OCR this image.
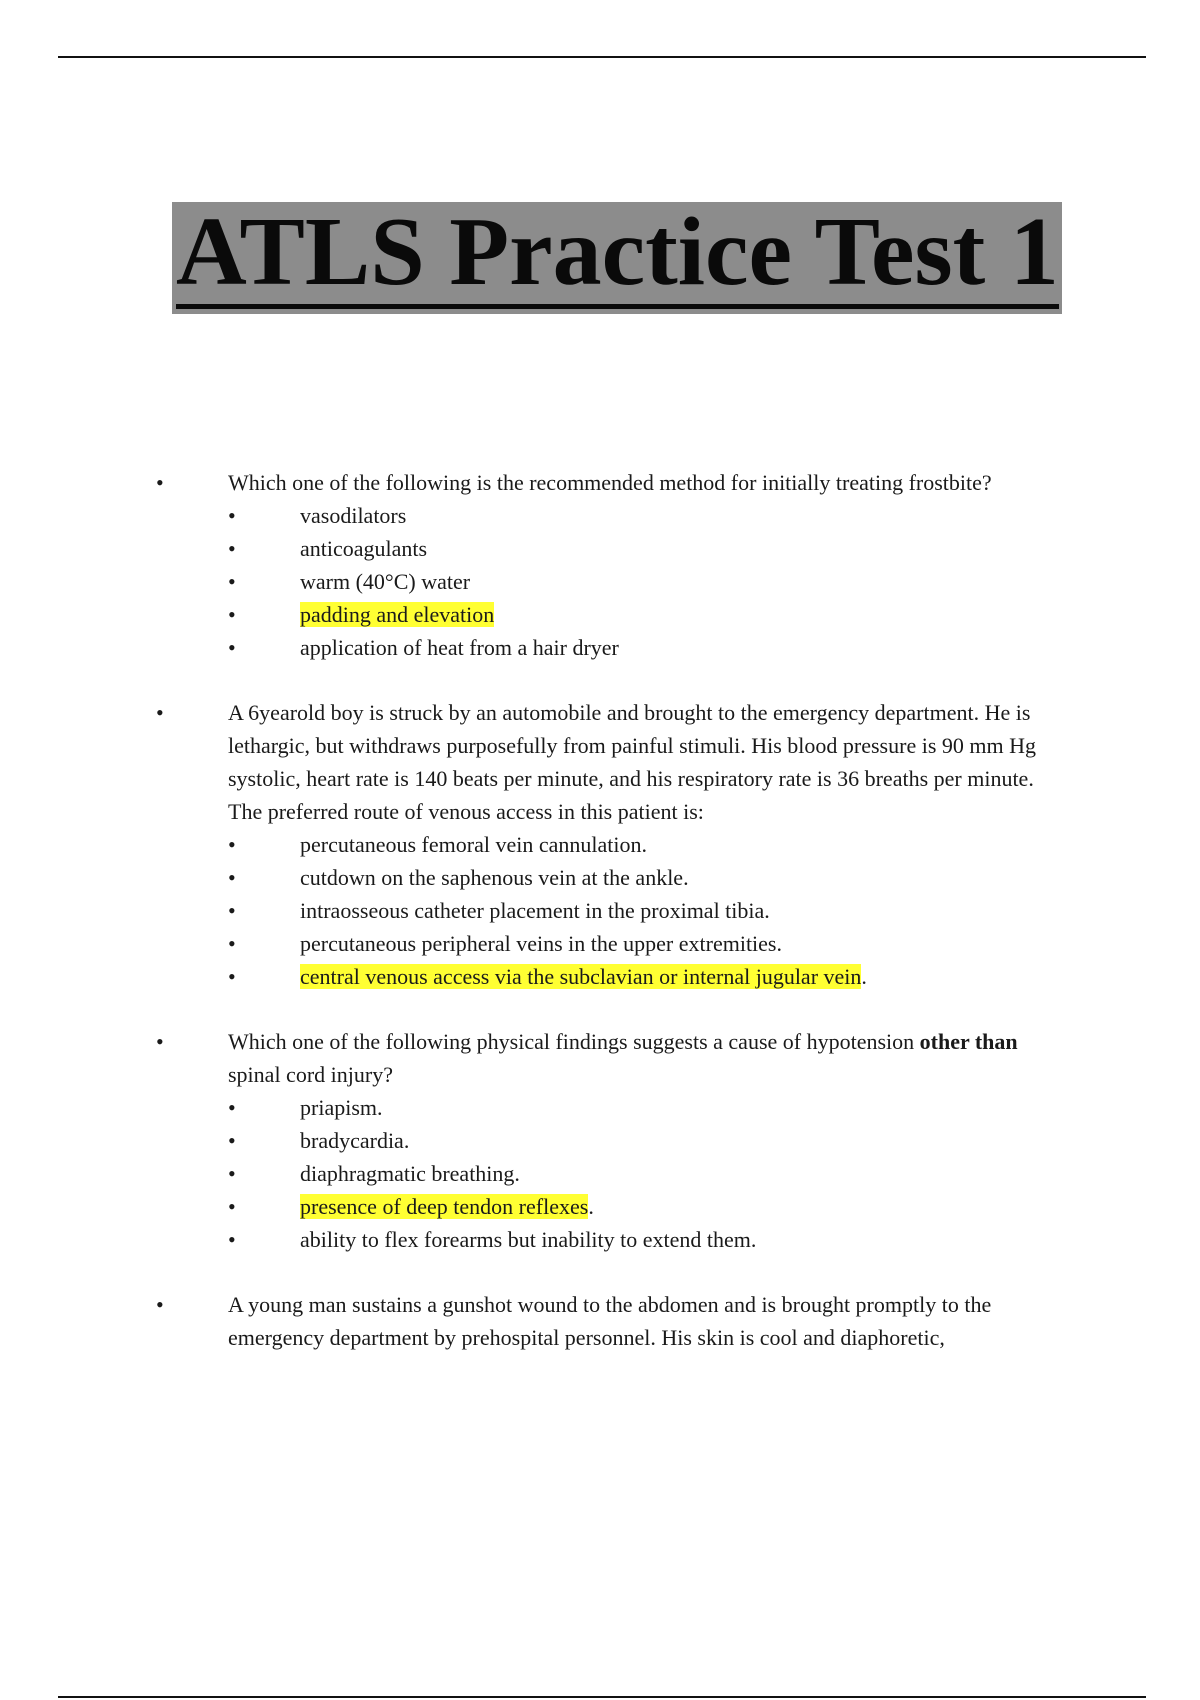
ATLS Practice Test 1
•	Which one of the following is the recommended method for initially treating frostbite?
•	vasodilators
•	anticoagulants
•	warm (40°C) water
•	padding and elevation
•	application of heat from a hair dryer
•	A 6yearold boy is struck by an automobile and brought to the emergency department. He is lethargic, but withdraws purposefully from painful stimuli. His blood pressure is 90 mm Hg systolic, heart rate is 140 beats per minute, and his respiratory rate is 36 breaths per minute. The preferred route of venous access in this patient is:
•	percutaneous femoral vein cannulation.
•	cutdown on the saphenous vein at the ankle.
•	intraosseous catheter placement in the proximal tibia.
•	percutaneous peripheral veins in the upper extremities.
•	central venous access via the subclavian or internal jugular vein.
•	Which one of the following physical findings suggests a cause of hypotension other than
spinal cord injury?
•	priapism.
•	bradycardia.
•	diaphragmatic breathing.
•	presence of deep tendon reflexes.
•	ability to flex forearms but inability to extend them.
•	A young man sustains a gunshot wound to the abdomen and is brought promptly to the emergency department by prehospital personnel. His skin is cool and diaphoretic,
